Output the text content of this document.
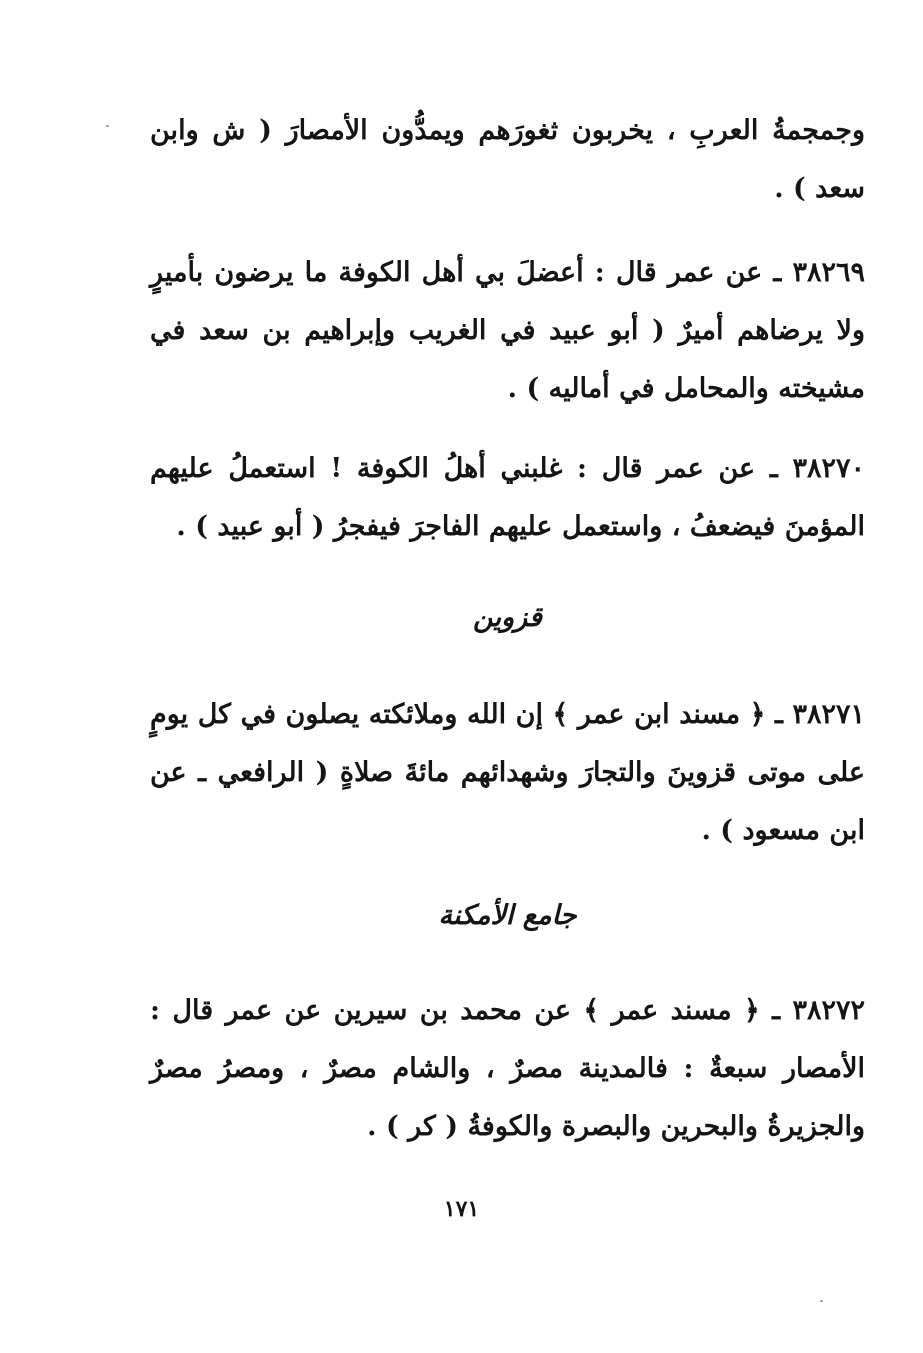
وجمجمةُ العربِ ، يخربون ثغورَهم ويمدُّون الأمصارَ ( ش وابن سعد ) .

٣٨٢٦٩ ـ عن عمر قال : أعضلَ بي أهل الكوفة ما يرضون بأميرٍ ولا يرضاهم أميرٌ ( أبو عبيد في الغريب وإبراهيم بن سعد في مشيخته والمحامل في أماليه ) .

٣٨٢٧٠ ـ عن عمر قال : غلبني أهلُ الكوفة ! استعملُ عليهم المؤمنَ فيضعفُ ، واستعمل عليهم الفاجرَ فيفجرُ ( أبو عبيد ) .

قزوين

٣٨٢٧١ ـ ﴿ مسند ابن عمر ﴾ إن الله وملائكته يصلون في كل يومٍ على موتى قزوينَ والتجارَ وشهدائهم مائةَ صلاةٍ ( الرافعي ـ عن ابن مسعود ) .

جامع الأمكنة

٣٨٢٧٢ ـ ﴿ مسند عمر ﴾ عن محمد بن سيرين عن عمر قال : الأمصار سبعةٌ : فالمدينة مصرٌ ، والشام مصرٌ ، ومصرُ مصرٌ والجزيرةُ والبحرين والبصرة والكوفةُ ( كر ) .

١٧١
